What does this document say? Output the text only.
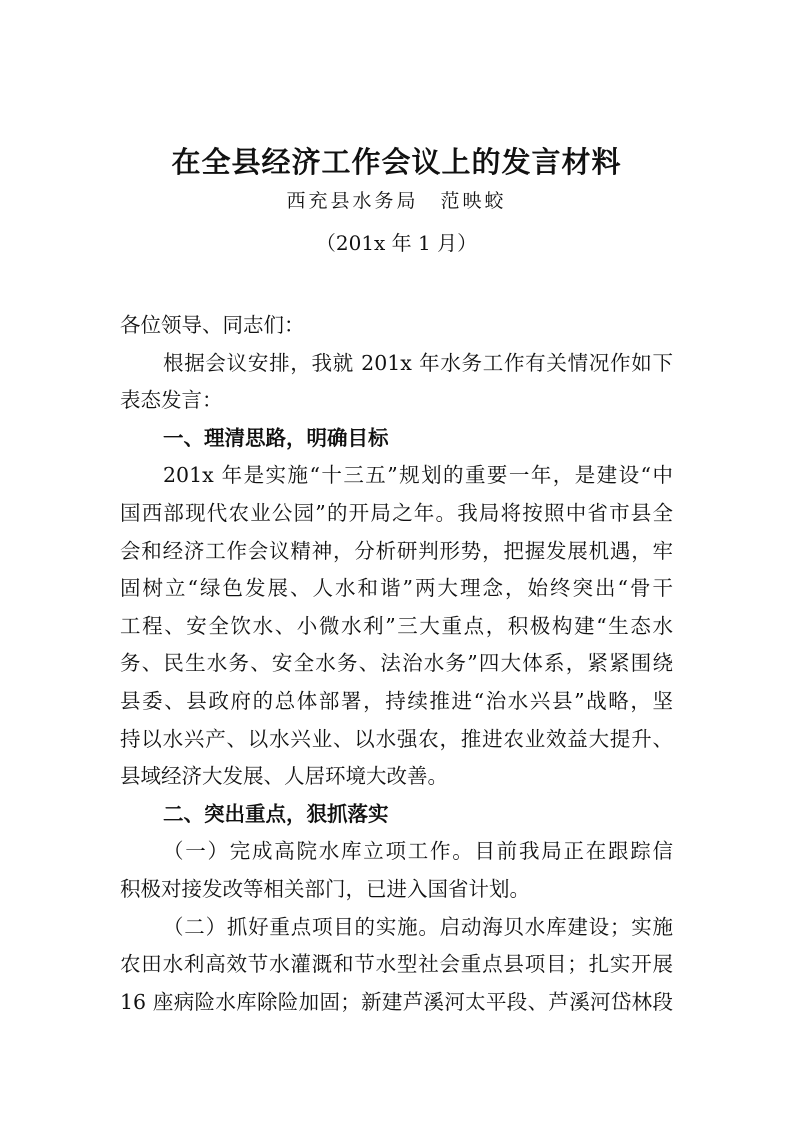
在全县经济工作会议上的发言材料
西充县水务局　范映蛟
（201x 年 1 月）
各位领导、同志们：
根据会议安排，我就 201x 年水务工作有关情况作如下
表态发言：
一、理清思路，明确目标
201x 年是实施“十三五”规划的重要一年，是建设“中
国西部现代农业公园”的开局之年。我局将按照中省市县全
会和经济工作会议精神，分析研判形势，把握发展机遇，牢
固树立“绿色发展、人水和谐”两大理念，始终突出“骨干
工程、安全饮水、小微水利”三大重点，积极构建“生态水
务、民生水务、安全水务、法治水务”四大体系，紧紧围绕
县委、县政府的总体部署，持续推进“治水兴县”战略，坚
持以水兴产、以水兴业、以水强农，推进农业效益大提升、
县域经济大发展、人居环境大改善。
二、突出重点，狠抓落实
（一）完成高院水库立项工作。目前我局正在跟踪信
积极对接发改等相关部门，已进入国省计划。
（二）抓好重点项目的实施。启动海贝水库建设；实施
农田水利高效节水灌溉和节水型社会重点县项目；扎实开展
16 座病险水库除险加固；新建芦溪河太平段、芦溪河岱林段
